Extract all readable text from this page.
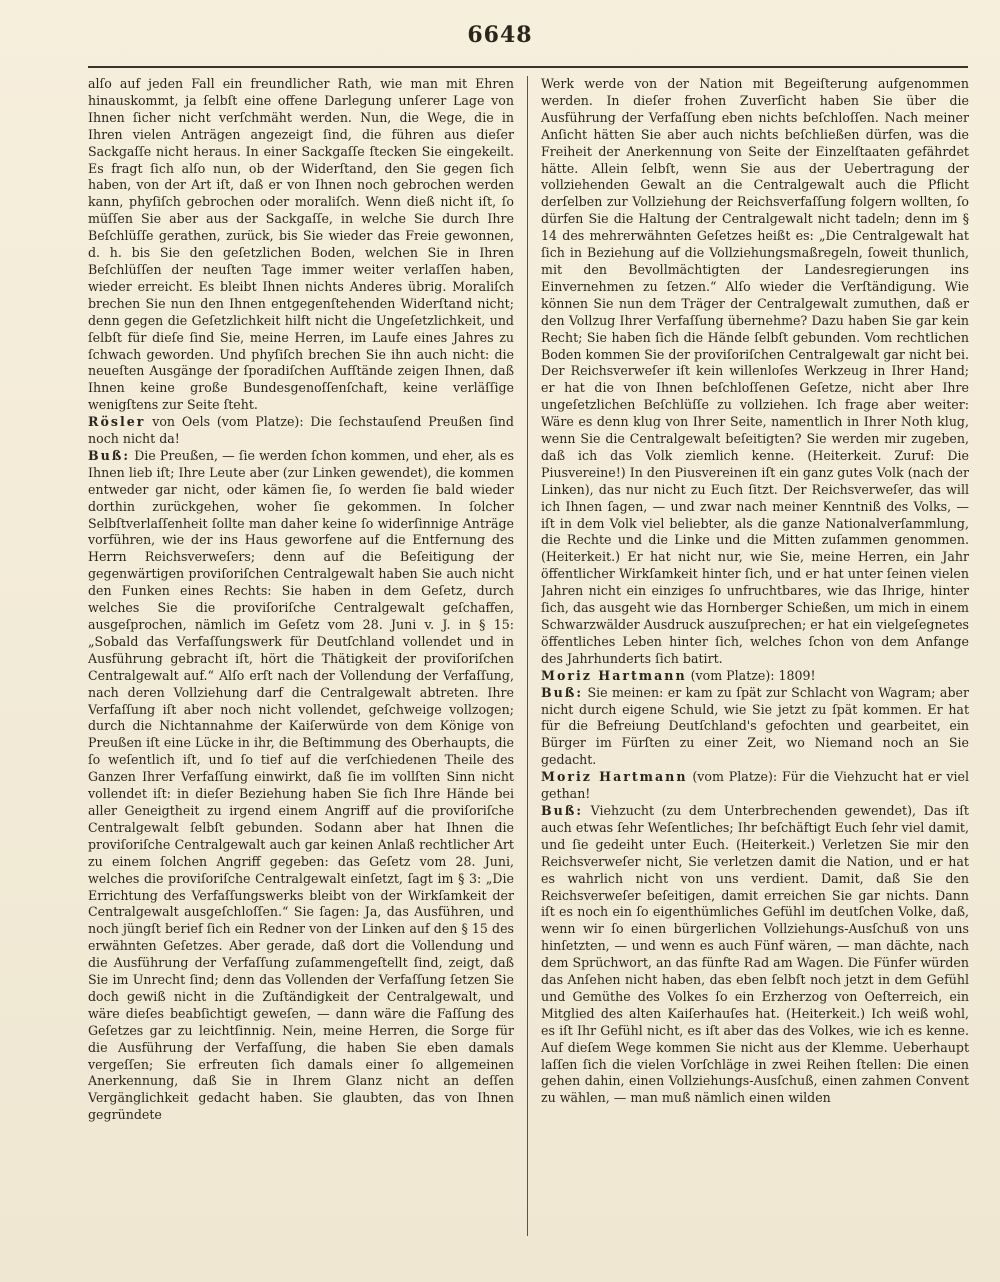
6648

alſo auf jeden Fall ein freundlicher Rath, wie man mit Ehren hinauskommt, ja ſelbſt eine offene Darlegung unſerer Lage von Ihnen ſicher nicht verſchmäht werden. Nun, die Wege, die in Ihren vielen Anträgen angezeigt ſind, die führen aus dieſer Sackgaſſe nicht heraus. In einer Sackgaſſe ſtecken Sie eingekeilt. Es fragt ſich alſo nun, ob der Widerſtand, den Sie gegen ſich haben, von der Art iſt, daß er von Ihnen noch gebrochen werden kann, phyſiſch gebrochen oder moraliſch. Wenn dieß nicht iſt, ſo müſſen Sie aber aus der Sackgaſſe, in welche Sie durch Ihre Beſchlüſſe gerathen, zurück, bis Sie wieder das Freie gewonnen, d. h. bis Sie den geſetzlichen Boden, welchen Sie in Ihren Beſchlüſſen der neuſten Tage immer weiter verlaſſen haben, wieder erreicht. Es bleibt Ihnen nichts Anderes übrig. Moraliſch brechen Sie nun den Ihnen entgegenſtehenden Widerſtand nicht; denn gegen die Geſetzlichkeit hilft nicht die Ungeſetzlichkeit, und ſelbſt für dieſe ſind Sie, meine Herren, im Laufe eines Jahres zu ſchwach geworden. Und phyſiſch brechen Sie ihn auch nicht: die neueſten Ausgänge der ſporadiſchen Aufſtände zeigen Ihnen, daß Ihnen keine große Bundesgenoſſenſchaft, keine verläſſige wenigſtens zur Seite ſteht.

Rösler von Oels (vom Platze): Die ſechstauſend Preußen ſind noch nicht da!

Buß: Die Preußen, — ſie werden ſchon kommen, und eher, als es Ihnen lieb iſt; Ihre Leute aber (zur Linken gewendet), die kommen entweder gar nicht, oder kämen ſie, ſo werden ſie bald wieder dorthin zurückgehen, woher ſie gekommen. In ſolcher Selbſtverlaſſenheit ſollte man daher keine ſo widerſinnige Anträge vorführen, wie der ins Haus geworfene auf die Entfernung des Herrn Reichsverweſers; denn auf die Beſeitigung der gegenwärtigen proviſoriſchen Centralgewalt haben Sie auch nicht den Funken eines Rechts: Sie haben in dem Geſetz, durch welches Sie die proviſoriſche Centralgewalt geſchaffen, ausgeſprochen, nämlich im Geſetz vom 28. Juni v. J. in § 15: „Sobald das Verfaſſungswerk für Deutſchland vollendet und in Ausführung gebracht iſt, hört die Thätigkeit der proviſoriſchen Centralgewalt auf.“ Alſo erſt nach der Vollendung der Verfaſſung, nach deren Vollziehung darf die Centralgewalt abtreten. Ihre Verfaſſung iſt aber noch nicht vollendet, geſchweige vollzogen; durch die Nichtannahme der Kaiſerwürde von dem Könige von Preußen iſt eine Lücke in ihr, die Beſtimmung des Oberhaupts, die ſo weſentlich iſt, und ſo tief auf die verſchiedenen Theile des Ganzen Ihrer Verfaſſung einwirkt, daß ſie im vollſten Sinn nicht vollendet iſt: in dieſer Beziehung haben Sie ſich Ihre Hände bei aller Geneigtheit zu irgend einem Angriff auf die proviſoriſche Centralgewalt ſelbſt gebunden. Sodann aber hat Ihnen die proviſoriſche Centralgewalt auch gar keinen Anlaß rechtlicher Art zu einem ſolchen Angriff gegeben: das Geſetz vom 28. Juni, welches die proviſoriſche Centralgewalt einſetzt, ſagt im § 3: „Die Errichtung des Verfaſſungswerks bleibt von der Wirkſamkeit der Centralgewalt ausgeſchloſſen.“ Sie ſagen: Ja, das Ausführen, und noch jüngſt berief ſich ein Redner von der Linken auf den § 15 des erwähnten Geſetzes. Aber gerade, daß dort die Vollendung und die Ausführung der Verfaſſung zuſammengeſtellt ſind, zeigt, daß Sie im Unrecht ſind; denn das Vollenden der Verfaſſung ſetzen Sie doch gewiß nicht in die Zuſtändigkeit der Centralgewalt, und wäre dieſes beabſichtigt geweſen, — dann wäre die Faſſung des Geſetzes gar zu leichtſinnig. Nein, meine Herren, die Sorge für die Ausführung der Verfaſſung, die haben Sie eben damals vergeſſen; Sie erfreuten ſich damals einer ſo allgemeinen Anerkennung, daß Sie in Ihrem Glanz nicht an deſſen Vergänglichkeit gedacht haben. Sie glaubten, das von Ihnen gegründete

Werk werde von der Nation mit Begeiſterung aufgenommen werden. In dieſer frohen Zuverſicht haben Sie über die Ausführung der Verfaſſung eben nichts beſchloſſen. Nach meiner Anſicht hätten Sie aber auch nichts beſchließen dürfen, was die Freiheit der Anerkennung von Seite der Einzelſtaaten gefährdet hätte. Allein ſelbſt, wenn Sie aus der Uebertragung der vollziehenden Gewalt an die Centralgewalt auch die Pflicht derſelben zur Vollziehung der Reichsverfaſſung folgern wollten, ſo dürfen Sie die Haltung der Centralgewalt nicht tadeln; denn im § 14 des mehrerwähnten Geſetzes heißt es: „Die Centralgewalt hat ſich in Beziehung auf die Vollziehungsmaßregeln, ſoweit thunlich, mit den Bevollmächtigten der Landesregierungen ins Einvernehmen zu ſetzen.“ Alſo wieder die Verſtändigung. Wie können Sie nun dem Träger der Centralgewalt zumuthen, daß er den Vollzug Ihrer Verfaſſung übernehme? Dazu haben Sie gar kein Recht; Sie haben ſich die Hände ſelbſt gebunden. Vom rechtlichen Boden kommen Sie der proviſoriſchen Centralgewalt gar nicht bei. Der Reichsverweſer iſt kein willenloſes Werkzeug in Ihrer Hand; er hat die von Ihnen beſchloſſenen Geſetze, nicht aber Ihre ungeſetzlichen Beſchlüſſe zu vollziehen. Ich frage aber weiter: Wäre es denn klug von Ihrer Seite, namentlich in Ihrer Noth klug, wenn Sie die Centralgewalt beſeitigten? Sie werden mir zugeben, daß ich das Volk ziemlich kenne. (Heiterkeit. Zuruf: Die Piusvereine!) In den Piusvereinen iſt ein ganz gutes Volk (nach der Linken), das nur nicht zu Euch ſitzt. Der Reichsverweſer, das will ich Ihnen ſagen, — und zwar nach meiner Kenntniß des Volks, — iſt in dem Volk viel beliebter, als die ganze Nationalverſammlung, die Rechte und die Linke und die Mitten zuſammen genommen. (Heiterkeit.) Er hat nicht nur, wie Sie, meine Herren, ein Jahr öffentlicher Wirkſamkeit hinter ſich, und er hat unter ſeinen vielen Jahren nicht ein einziges ſo unfruchtbares, wie das Ihrige, hinter ſich, das ausgeht wie das Hornberger Schießen, um mich in einem Schwarzwälder Ausdruck auszuſprechen; er hat ein vielgeſegnetes öffentliches Leben hinter ſich, welches ſchon von dem Anfange des Jahrhunderts ſich batirt.

Moriz Hartmann (vom Platze): 1809!

Buß: Sie meinen: er kam zu ſpät zur Schlacht von Wagram; aber nicht durch eigene Schuld, wie Sie jetzt zu ſpät kommen. Er hat für die Befreiung Deutſchland's gefochten und gearbeitet, ein Bürger im Fürſten zu einer Zeit, wo Niemand noch an Sie gedacht.

Moriz Hartmann (vom Platze): Für die Viehzucht hat er viel gethan!

Buß: Viehzucht (zu dem Unterbrechenden gewendet), Das iſt auch etwas ſehr Weſentliches; Ihr beſchäftigt Euch ſehr viel damit, und ſie gedeiht unter Euch. (Heiterkeit.) Verletzen Sie mir den Reichsverweſer nicht, Sie verletzen damit die Nation, und er hat es wahrlich nicht von uns verdient. Damit, daß Sie den Reichsverweſer beſeitigen, damit erreichen Sie gar nichts. Dann iſt es noch ein ſo eigenthümliches Gefühl im deutſchen Volke, daß, wenn wir ſo einen bürgerlichen Vollziehungs-Ausſchuß von uns hinſetzten, — und wenn es auch Fünf wären, — man dächte, nach dem Sprüchwort, an das fünfte Rad am Wagen. Die Fünfer würden das Anſehen nicht haben, das eben ſelbſt noch jetzt in dem Gefühl und Gemüthe des Volkes ſo ein Erzherzog von Oeſterreich, ein Mitglied des alten Kaiſerhauſes hat. (Heiterkeit.) Ich weiß wohl, es iſt Ihr Gefühl nicht, es iſt aber das des Volkes, wie ich es kenne. Auf dieſem Wege kommen Sie nicht aus der Klemme. Ueberhaupt laſſen ſich die vielen Vorſchläge in zwei Reihen ſtellen: Die einen gehen dahin, einen Vollziehungs-Ausſchuß, einen zahmen Convent zu wählen, — man muß nämlich einen wilden
